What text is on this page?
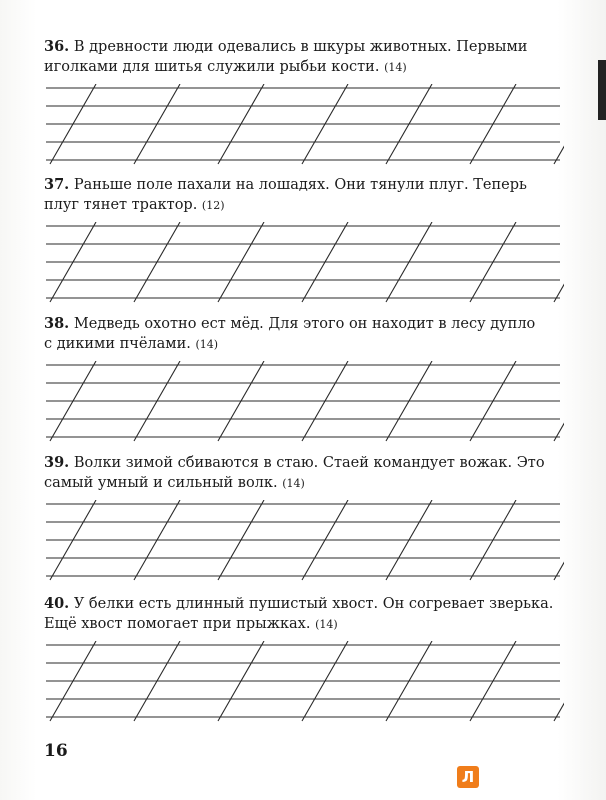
36. В древности люди одевались в шкуры животных. Первыми
иголками для шитья служили рыбьи кости. (14)

37. Раньше поле пахали на лошадях. Они тянули плуг. Теперь
плуг тянет трактор. (12)

38. Медведь охотно ест мёд. Для этого он находит в лесу дупло
с дикими пчёлами. (14)

39. Волки зимой сбиваются в стаю. Стаей командует вожак. Это
самый умный и сильный волк. (14)

40. У белки есть длинный пушистый хвост. Он согревает зверька.
Ещё хвост помогает при прыжках. (14)

16
Л
